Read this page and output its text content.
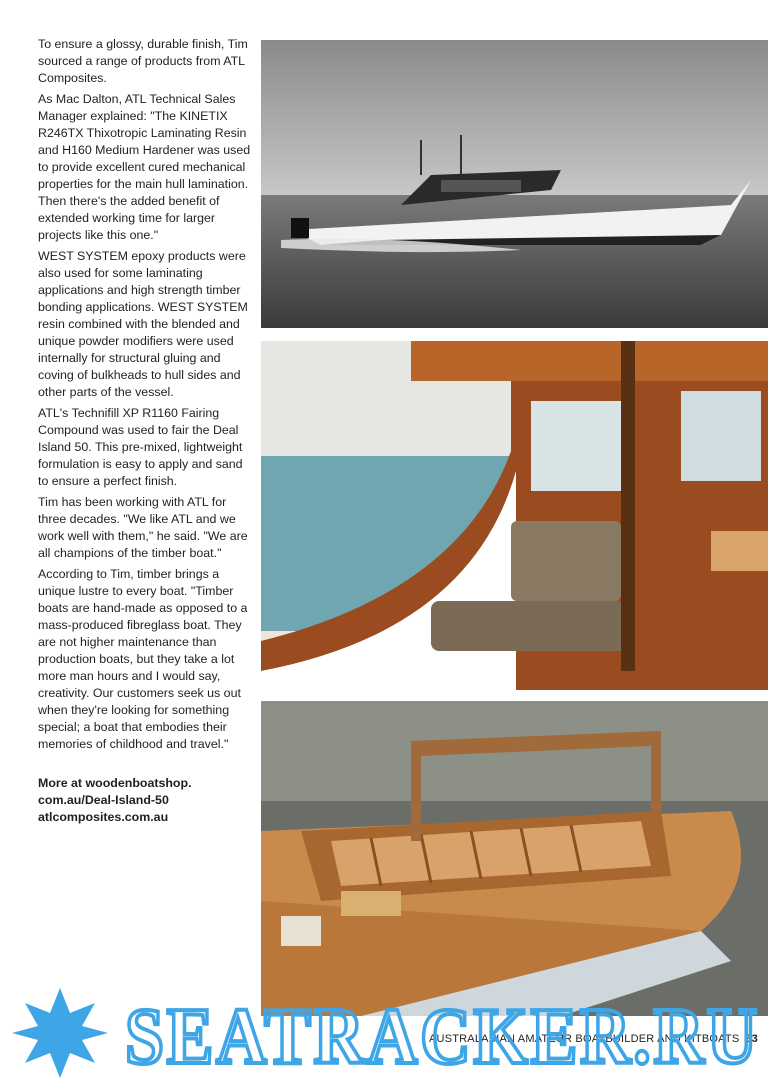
To ensure a glossy, durable finish, Tim sourced a range of products from ATL Composites.

As Mac Dalton, ATL Technical Sales Manager explained: "The KINETIX R246TX Thixotropic Laminating Resin and H160 Medium Hardener was used to provide excellent cured mechanical properties for the main hull lamination. Then there's the added benefit of extended working time for larger projects like this one."

WEST SYSTEM epoxy products were also used for some laminating applications and high strength timber bonding applications. WEST SYSTEM resin combined with the blended and unique powder modifiers were used internally for structural gluing and coving of bulkheads to hull sides and other parts of the vessel.

ATL's Technifill XP R1160 Fairing Compound was used to fair the Deal Island 50. This pre-mixed, lightweight formulation is easy to apply and sand to ensure a perfect finish.

Tim has been working with ATL for three decades. "We like ATL and we work well with them," he said. "We are all champions of the timber boat."

According to Tim, timber brings a unique lustre to every boat. "Timber boats are hand-made as opposed to a mass-produced fibreglass boat. They are not higher maintenance than production boats, but they take a lot more man hours and I would say, creativity. Our customers seek us out when they're looking for something special; a boat that embodies their memories of childhood and travel."

More at woodenboatshop. com.au/Deal-Island-50
atlcomposites.com.au

AUSTRALASIAN AMATEUR BOATBUILDER AND KITBOATS 33
SEATRACKER.RU
